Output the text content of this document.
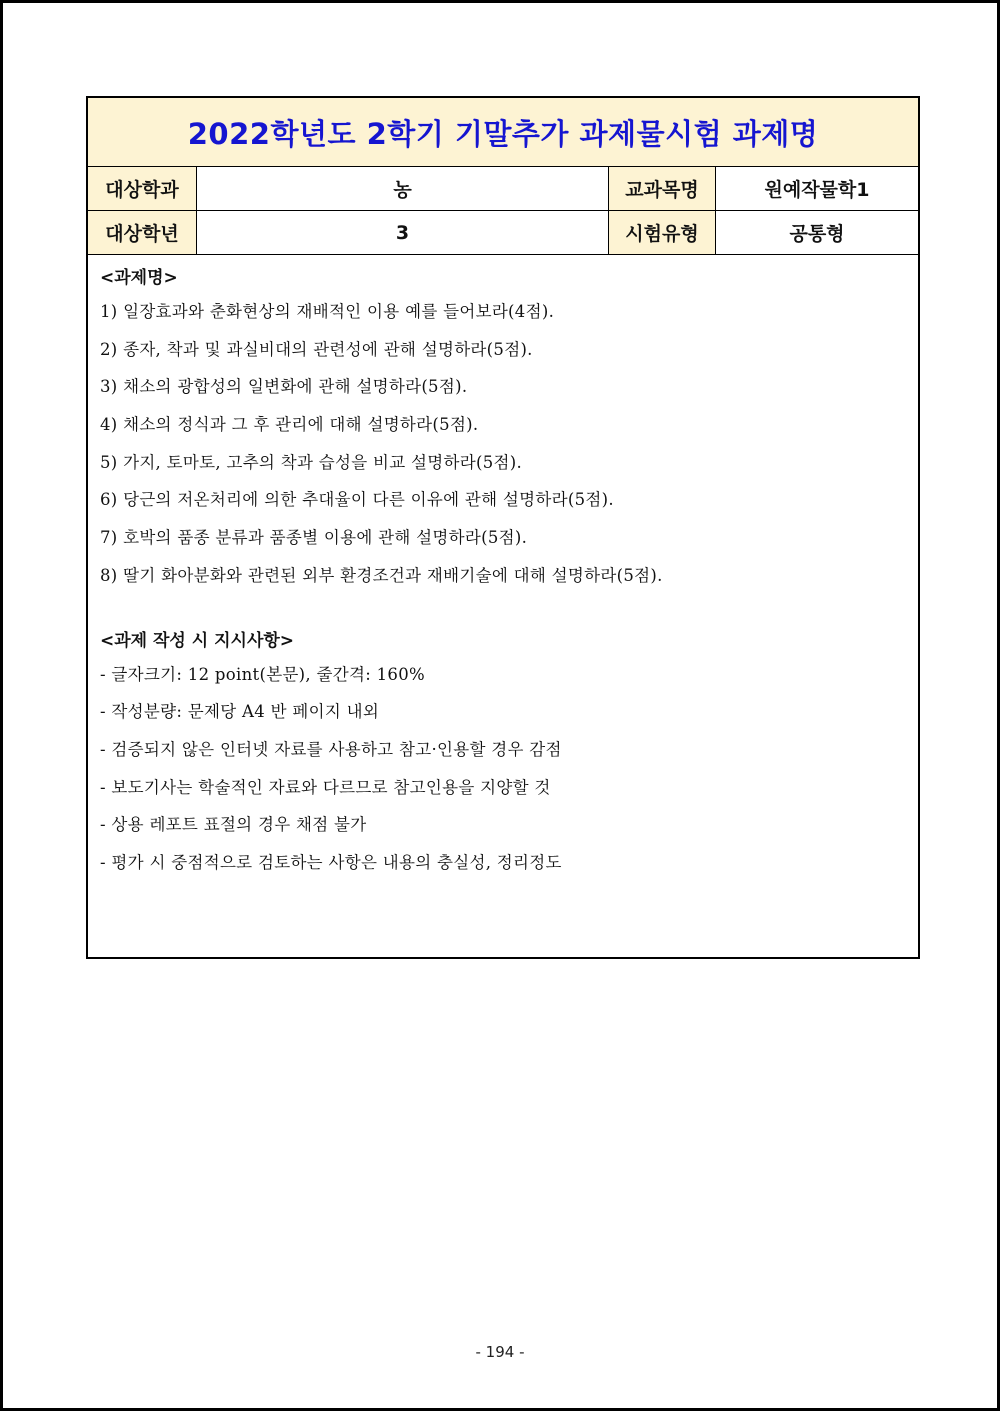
2022학년도 2학기 기말추가 과제물시험 과제명
대상학과	농	교과목명	원예작물학1
대상학년	3	시험유형	공통형
<과제명>
1) 일장효과와 춘화현상의 재배적인 이용 예를 들어보라(4점).
2) 종자, 착과 및 과실비대의 관련성에 관해 설명하라(5점).
3) 채소의 광합성의 일변화에 관해 설명하라(5점).
4) 채소의 정식과 그 후 관리에 대해 설명하라(5점).
5) 가지, 토마토, 고추의 착과 습성을 비교 설명하라(5점).
6) 당근의 저온처리에 의한 추대율이 다른 이유에 관해 설명하라(5점).
7) 호박의 품종 분류과 품종별 이용에 관해 설명하라(5점).
8) 딸기 화아분화와 관련된 외부 환경조건과 재배기술에 대해 설명하라(5점).
<과제 작성 시 지시사항>
- 글자크기: 12 point(본문), 줄간격: 160%
- 작성분량: 문제당 A4 반 페이지 내외
- 검증되지 않은 인터넷 자료를 사용하고 참고·인용할 경우 감점
- 보도기사는 학술적인 자료와 다르므로 참고인용을 지양할 것
- 상용 레포트 표절의 경우 채점 불가
- 평가 시 중점적으로 검토하는 사항은 내용의 충실성, 정리정도
- 194 -
